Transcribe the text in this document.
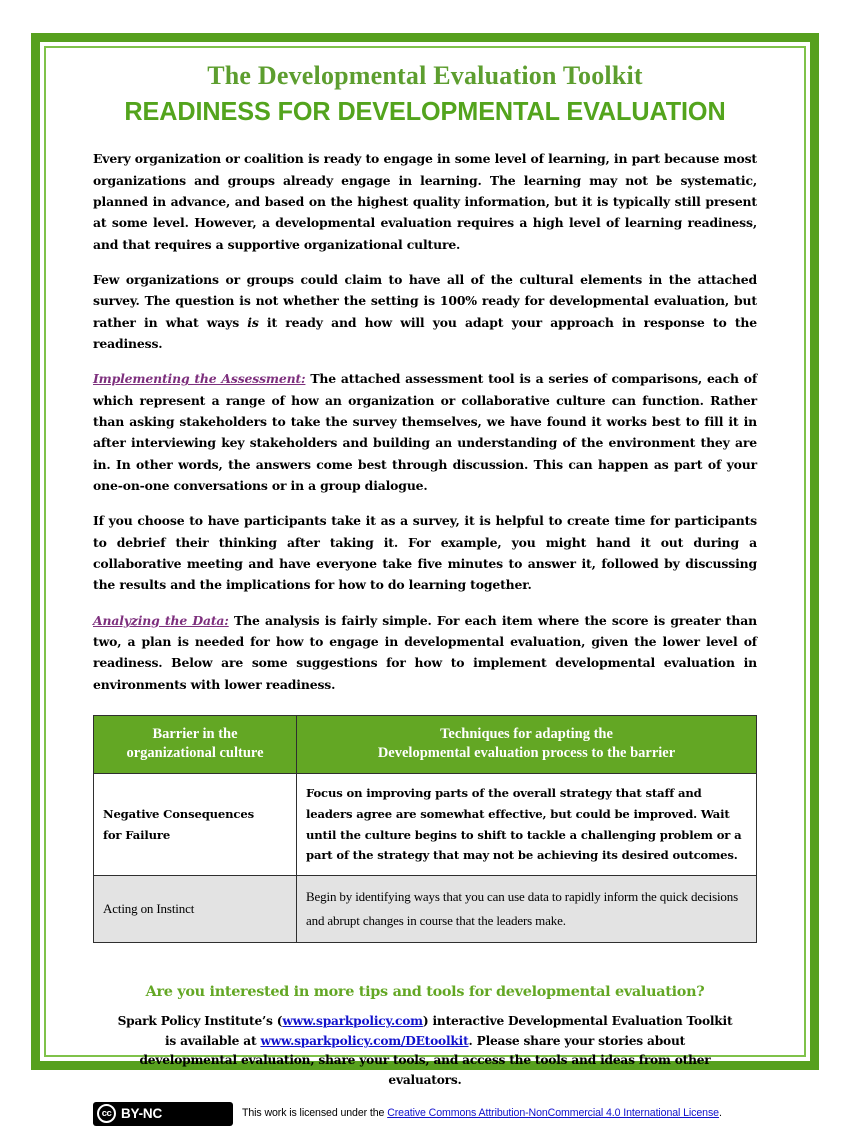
The Developmental Evaluation Toolkit
READINESS FOR DEVELOPMENTAL EVALUATION

Every organization or coalition is ready to engage in some level of learning, in part because most organizations and groups already engage in learning. The learning may not be systematic, planned in advance, and based on the highest quality information, but it is typically still present at some level. However, a developmental evaluation requires a high level of learning readiness, and that requires a supportive organizational culture.

Few organizations or groups could claim to have all of the cultural elements in the attached survey. The question is not whether the setting is 100% ready for developmental evaluation, but rather in what ways is it ready and how will you adapt your approach in response to the readiness.

Implementing the Assessment: The attached assessment tool is a series of comparisons, each of which represent a range of how an organization or collaborative culture can function. Rather than asking stakeholders to take the survey themselves, we have found it works best to fill it in after interviewing key stakeholders and building an understanding of the environment they are in. In other words, the answers come best through discussion. This can happen as part of your one-on-one conversations or in a group dialogue.

If you choose to have participants take it as a survey, it is helpful to create time for participants to debrief their thinking after taking it. For example, you might hand it out during a collaborative meeting and have everyone take five minutes to answer it, followed by discussing the results and the implications for how to do learning together.

Analyzing the Data: The analysis is fairly simple. For each item where the score is greater than two, a plan is needed for how to engage in developmental evaluation, given the lower level of readiness. Below are some suggestions for how to implement developmental evaluation in environments with lower readiness.

Barrier in the
organizational culture	Techniques for adapting the
Developmental evaluation process to the barrier
Negative Consequences
for Failure	Focus on improving parts of the overall strategy that staff and leaders agree are somewhat effective, but could be improved. Wait until the culture begins to shift to tackle a challenging problem or a part of the strategy that may not be achieving its desired outcomes.
Acting on Instinct	Begin by identifying ways that you can use data to rapidly inform the quick decisions and abrupt changes in course that the leaders make.

Are you interested in more tips and tools for developmental evaluation?

Spark Policy Institute’s (www.sparkpolicy.com) interactive Developmental Evaluation Toolkit is available at www.sparkpolicy.com/DEtoolkit. Please share your stories about developmental evaluation, share your tools, and access the tools and ideas from other evaluators.

cc BY-NC	This work is licensed under the Creative Commons Attribution-NonCommercial 4.0 International License.
